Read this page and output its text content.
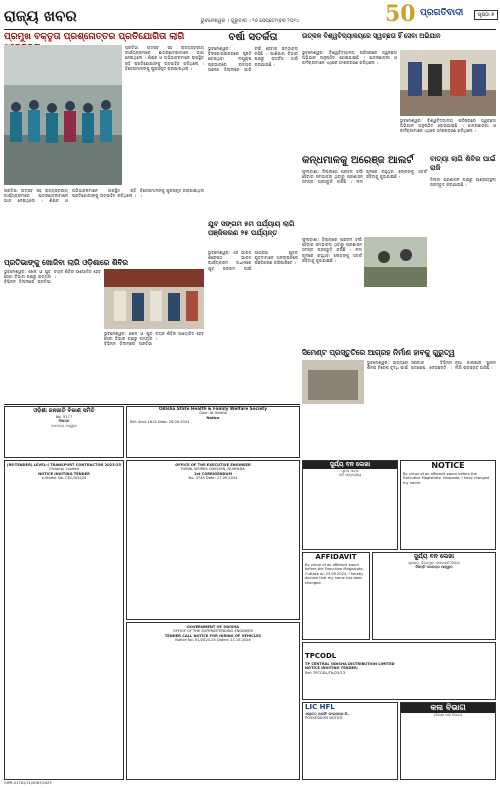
ରାଜ୍ୟ ଖବର	ଭୁବନେଶ୍ୱର । ଗୁରୁବାର । ୨୬ ସେପ୍ଟେମ୍ବର ୨୦୨୪	50 ପ୍ରଗତିବାଦୀ	ପୃଷ୍ଠା ୭
ପ୍ରମୁଖ ବକ୍ତୃତା ପ୍ରଶ୍ନୋତ୍ତର ପ୍ରତିଯୋଗିତା ଲାଗି
ପ୍ରତିଭା ଉତ୍ସବ ସହ ରାଜ୍ୟସ୍ତରୀୟ କାର୍ଯ୍ୟକ୍ରମରେ ଛାତ୍ରଛାତ୍ରୀମାନେ ଭାଗ ନେଇଥିଲେ । ଶିକ୍ଷକ ଓ ଅଭିଭାବକମାନେ ଉପସ୍ଥିତ ରହି ପ୍ରତିଯୋଗୀଙ୍କୁ ଉତ୍ସାହିତ କରିଥିଲେ । ବିଜେତାମାନଙ୍କୁ ପୁରସ୍କୃତ କରାଯାଇଥିଲା ।
ପ୍ରତିଭା ଉତ୍ସବ ସହ ରାଜ୍ୟସ୍ତରୀୟ କାର୍ଯ୍ୟକ୍ରମରେ ଛାତ୍ରଛାତ୍ରୀମାନେ ଭାଗ ନେଇଥିଲେ । ଶିକ୍ଷକ ଓ ଅଭିଭାବକମାନେ ଉପସ୍ଥିତ ରହି ପ୍ରତିଯୋଗୀଙ୍କୁ ଉତ୍ସାହିତ କରିଥିଲେ । ବିଜେତାମାନଙ୍କୁ ପୁରସ୍କୃତ କରାଯାଇଥିଲା ।
ବର୍ଷା ସତର୍କତା
ଭୁବନେଶ୍ୱର: ବଙ୍ଗୋପସାଗରରେ ସୃଷ୍ଟି ହୋଇଥିବା ଲଘୁଚାପ ପ୍ରଭାବରେ ରାଜ୍ୟର ଅନେକ ଜିଲ୍ଲାରେ ଭାରି ବର୍ଷା ହେବାର ସମ୍ଭାବନା ରହିଛି । ପାଣିପାଗ ବିଭାଗ ପକ୍ଷରୁ ସତର୍କତା ଜାରି କରାଯାଇଛି ।
ଉତ୍କଳ ବିଶ୍ୱବିଦ୍ୟାଳୟରେ ସ୍ୱଚ୍ଛତା ହିଁ ସେବା ଅଭିଯାନ
ଭୁବନେଶ୍ୱର: ବିଶ୍ୱବିଦ୍ୟାଳୟ ପରିସରରେ ସ୍ୱଚ୍ଛତା ଅଭିଯାନ ଅନୁଷ୍ଠିତ ହୋଇଯାଇଛି । ଛାତ୍ରଛାତ୍ରୀ ଓ କର୍ମଚାରୀମାନେ ଏଥିରେ ଅଂଶଗ୍ରହଣ କରିଥିଲେ ।
ଭୁବନେଶ୍ୱର: ବିଶ୍ୱବିଦ୍ୟାଳୟ ପରିସରରେ ସ୍ୱଚ୍ଛତା ଅଭିଯାନ ଅନୁଷ୍ଠିତ ହୋଇଯାଇଛି । ଛାତ୍ରଛାତ୍ରୀ ଓ କର୍ମଚାରୀମାନେ ଏଥିରେ ଅଂଶଗ୍ରହଣ କରିଥିଲେ ।
ଯୁବ ସଙ୍ଗମ ୫ମ ପର୍ଯ୍ୟାୟ ଲାଗି ପଞ୍ଜିକରଣ ୨୫ ପର୍ଯ୍ୟନ୍ତ
ଭୁବନେଶ୍ୱର: ଏକ ଭାରତ ଶ୍ରେଷ୍ଠ ଭାରତ କାର୍ଯ୍ୟକ୍ରମ ଅଧୀନରେ ଯୁବ ସଙ୍ଗମ ପାଇଁ ଆଗ୍ରହୀ ଯୁବକ ଯୁବତୀମାନେ ଅନଲାଇନରେ ପଞ୍ଜିକରଣ କରିପାରିବେ ।
ପ୍ରତିଭାଙ୍କୁ ଖୋଜିବା ଲାଗି ଓଡ଼ିଶାରେ ଶିବିର
ଭୁବନେଶ୍ୱର: ଖେଳ ଓ ଯୁବ ସେବା ବିଭାଗ ପକ୍ଷରୁ ରାଜ୍ୟର ବିଭିନ୍ନ ଜିଲ୍ଲାରେ ପ୍ରତିଭା ଚୟନ ଶିବିର ଆୟୋଜିତ ହେବ ।
ଭୁବନେଶ୍ୱର: ଖେଳ ଓ ଯୁବ ସେବା ବିଭାଗ ପକ୍ଷରୁ ରାଜ୍ୟର ବିଭିନ୍ନ ଜିଲ୍ଲାରେ ପ୍ରତିଭା ଚୟନ ଶିବିର ଆୟୋଜିତ ହେବ ।
କନ୍ଧମାଳକୁ ଅରେଞ୍ଜ ଆଲର୍ଟ
ଫୁଲବାଣୀ: ଜିଲ୍ଲାରେ ପ୍ରବଳ ବର୍ଷା ହେବାର ସମ୍ଭାବନା ଥିବାରୁ ପ୍ରଶାସନ ସମସ୍ତ ପ୍ରସ୍ତୁତି କରିଛି । ନଦୀ କୂଳରେ ରହୁଥିବା ଲୋକଙ୍କୁ ସତର୍କ ରହିବାକୁ କୁହାଯାଇଛି ।
ଫୁଲବାଣୀ: ଜିଲ୍ଲାରେ ପ୍ରବଳ ବର୍ଷା ହେବାର ସମ୍ଭାବନା ଥିବାରୁ ପ୍ରଶାସନ ସମସ୍ତ ପ୍ରସ୍ତୁତି କରିଛି । ନଦୀ କୂଳରେ ରହୁଥିବା ଲୋକଙ୍କୁ ସତର୍କ ରହିବାକୁ କୁହାଯାଇଛି ।
ବାତ୍ୟା ଲାଗି ଶିବିର ପାଇଁ ରାଜି
ଜିଲ୍ଲା ପ୍ରଶାସନ ପକ୍ଷରୁ ଆଶ୍ରୟସ୍ଥଳୀ ପ୍ରସ୍ତୁତ କରାଯାଉଛି ।
ସିମେଣ୍ଟ ପ୍ରସ୍ତୁତିରେ ଆଗ୍ରହ ନିର୍ମାଣ ହାବକୁ ଗୁରୁତ୍ୱ
ଭୁବନେଶ୍ୱର: ରାଜ୍ୟରେ ଶିଳ୍ପ ନିବେଶ ବୃଦ୍ଧି ପାଇଁ ସରକାର ବିଭିନ୍ନ ପଦକ୍ଷେପ ନେଉଛନ୍ତି । ନୂଆ କାରଖାନା ସ୍ଥାପନ ଲାଗି ପ୍ରସ୍ତାବ ଆସିଛି ।
ଓଡ଼ିଶା ଜନଜାତି ବିକାଶ ସମିତି
No. 5177
ବିଜ୍ଞାପନ
ଦରପତ୍ର ଆହ୍ୱାନ
Odisha State Health & Family Welfare Society
Govt. of Odisha
Notice
Ref: Advt-1814 Date: 26.09.2024
(RE-TENDER) LEVEL-I TRANSPORT CONTRACTOR 2023-25
(Odisha) Limited
NOTICE INVITING TENDER
e-Tender No. CSC/3/2024
OFFICE OF THE EXECUTIVE ENGINEER
RURAL WORKS DIVISION, NUAPADA
1st CORRIGENDUM
No. 3744 Date: 17.09.2024
GOVERNMENT OF ODISHA
OFFICE OF THE SUPERINTENDING ENGINEER
TENDER CALL NOTICE FOR HIRING OF VEHICLES
Notice No. 01/2024-25 Dated: 21.10.2024
ସୁର୍ଯ୍ୟ ବନ ଲେଖା
ସୂଚନା ପତ୍ର
ଜମି ସମ୍ବନ୍ଧୀୟ
AFFIDAVIT
By virtue of an affidavit sworn before the Executive Magistrate, Cuttack on 23.09.2024, I hereby declare that my name has been changed.
ସୁର୍ଯ୍ୟ ବନ ଲେଖା
ଜୁନାଗଡ଼, ବିଜେପୁର, କଳାହାଣ୍ଡି ଜିଲ୍ଲା
ବିଜ୍ଞପ୍ତି ଦରପତ୍ର ଆହ୍ୱାନ
NOTICE
By virtue of an affidavit sworn before the Executive Magistrate, Nuapada, I have changed my name.
TPCODL
TP CENTRAL ODISHA DISTRIBUTION LIMITED
NOTICE INVITING TENDER:
Ref: TPCODL/TN/25/13
LIC HFL
ଏସ୍ଟେଟ୍ ହାଉସିଂ ଫାଇନାନ୍ସ ଲି.
POSSESSION NOTICE
କଳା ବିଭାଗ
(ଜିଲ୍ଲା କଳା ବିଭାଗ)
OIPR-01761/11/0067/2425
